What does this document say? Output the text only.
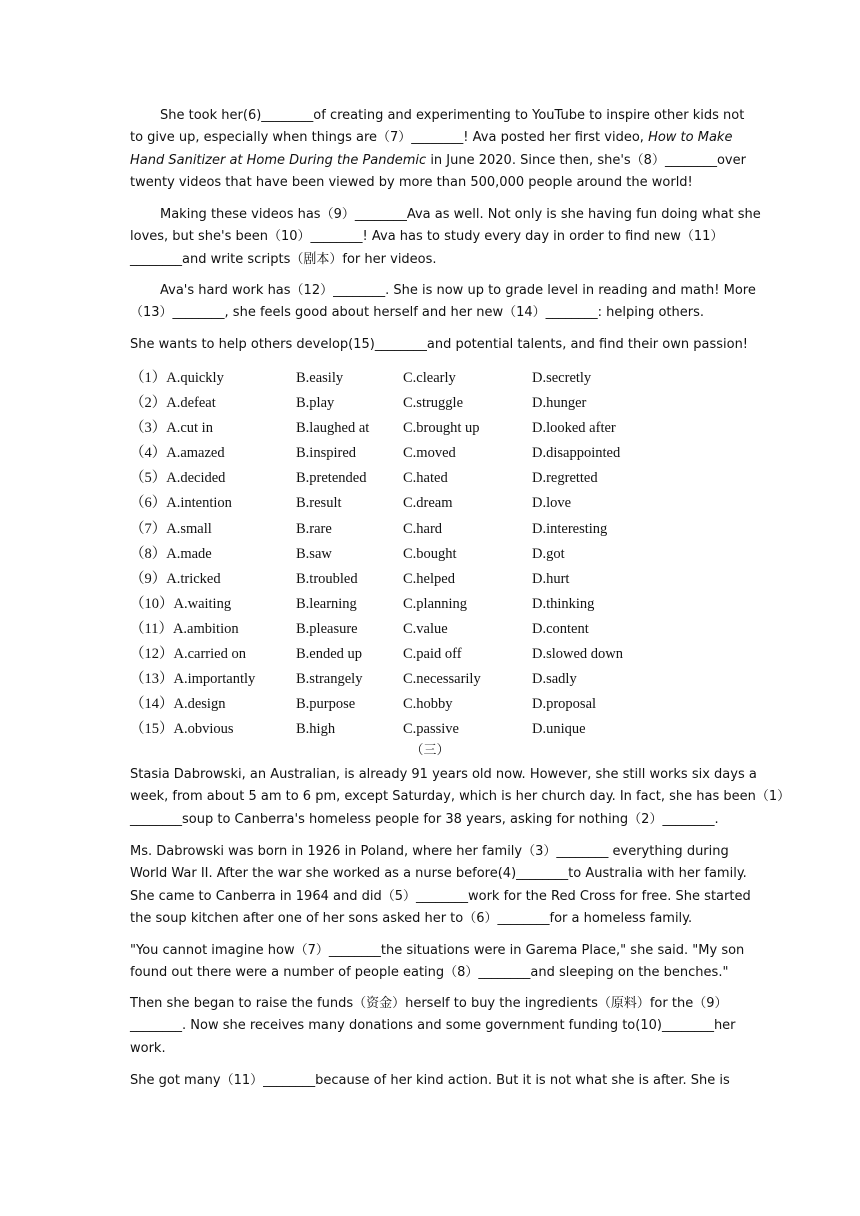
She took her(6)________of creating and experimenting to YouTube to inspire other kids not
to give up, especially when things are（7）________! Ava posted her first video, How to Make
Hand Sanitizer at Home During the Pandemic in June 2020. Since then, she's（8）________over
twenty videos that have been viewed by more than 500,000 people around the world!
Making these videos has（9）________Ava as well. Not only is she having fun doing what she
loves, but she's been（10）________! Ava has to study every day in order to find new（11）
________and write scripts（剧本）for her videos.
Ava's hard work has（12）________. She is now up to grade level in reading and math! More
（13）________, she feels good about herself and her new（14）________: helping others.
She wants to help others develop(15)________and potential talents, and find their own passion!
（1）A.quickly	B.easily	C.clearly	D.secretly
（2）A.defeat	B.play	C.struggle	D.hunger
（3）A.cut in	B.laughed at C.brought up	D.looked after
（4）A.amazed	B.inspired	C.moved	D.disappointed
（5）A.decided	B.pretended	C.hated	D.regretted
（6）A.intention	B.result	C.dream	D.love
（7）A.small	B.rare	C.hard	D.interesting
（8）A.made	B.saw	C.bought	D.got
（9）A.tricked	B.troubled	C.helped	D.hurt
（10）A.waiting	B.learning	C.planning	D.thinking
（11）A.ambition	B.pleasure	C.value	D.content
（12）A.carried on	B.ended up	C.paid off	D.slowed down
（13）A.importantly	B.strangely	C.necessarily	D.sadly
（14）A.design	B.purpose	C.hobby	D.proposal
（15）A.obvious	B.high	C.passive	D.unique
（三）
Stasia Dabrowski, an Australian, is already 91 years old now. However, she still works six days a
week, from about 5 am to 6 pm, except Saturday, which is her church day. In fact, she has been（1）
________soup to Canberra's homeless people for 38 years, asking for nothing（2）________.
Ms. Dabrowski was born in 1926 in Poland, where her family（3）________ everything during
World War II. After the war she worked as a nurse before(4)________to Australia with her family.
She came to Canberra in 1964 and did（5）________work for the Red Cross for free. She started
the soup kitchen after one of her sons asked her to（6）________for a homeless family.
"You cannot imagine how（7）________the situations were in Garema Place," she said. "My son
found out there were a number of people eating（8）________and sleeping on the benches."
Then she began to raise the funds（资金）herself to buy the ingredients（原料）for the（9）
________. Now she receives many donations and some government funding to(10)________her
work.
She got many（11）________because of her kind action. But it is not what she is after. She is
